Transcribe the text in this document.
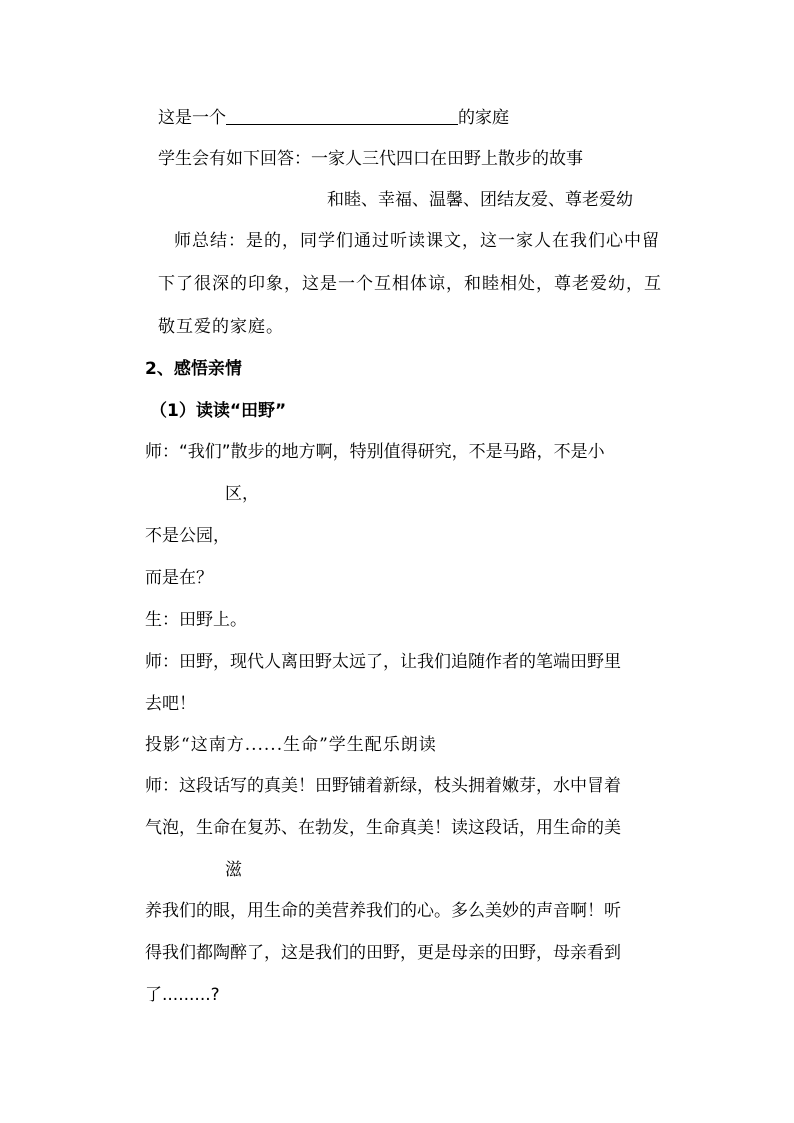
这是一个	的家庭
学生会有如下回答：一家人三代四口在田野上散步的故事
和睦、幸福、温馨、团结友爱、尊老爱幼
师总结：是的，同学们通过听读课文，这一家人在我们心中留
下了很深的印象，这是一个互相体谅，和睦相处，尊老爱幼，互
敬互爱的家庭。
2、感悟亲情
（1）读读“田野”
师：“我们”散步的地方啊，特别值得研究，不是马路，不是小
区，
不是公园，
而是在？
生：田野上。
师：田野，现代人离田野太远了，让我们追随作者的笔端田野里
去吧！
投影“这南方......生命”学生配乐朗读
师：这段话写的真美！田野铺着新绿，枝头拥着嫩芽，水中冒着
气泡，生命在复苏、在勃发，生命真美！读这段话，用生命的美
滋
养我们的眼，用生命的美营养我们的心。多么美妙的声音啊！听
得我们都陶醉了，这是我们的田野，更是母亲的田野，母亲看到
了.........?
